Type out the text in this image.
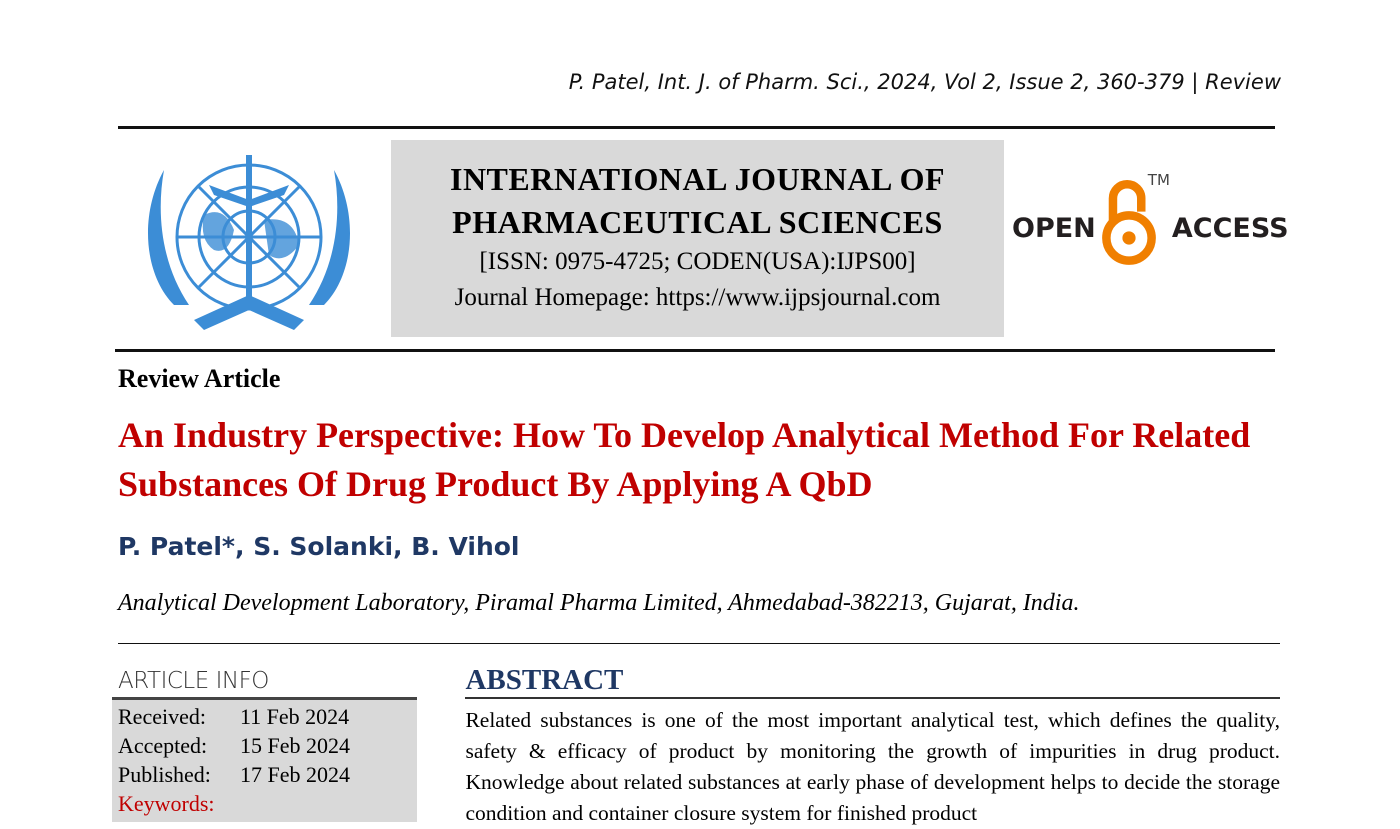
P. Patel, Int. J. of Pharm. Sci., 2024, Vol 2, Issue 2, 360-379 | Review
INTERNATIONAL JOURNAL OF
PHARMACEUTICAL SCIENCES
[ISSN: 0975-4725; CODEN(USA):IJPS00]
Journal Homepage: https://www.ijpsjournal.com
OPEN
TM
ACCESS
Review Article
An Industry Perspective: How To Develop Analytical Method For Related Substances Of Drug Product By Applying A QbD
P. Patel*, S. Solanki, B. Vihol
Analytical Development Laboratory, Piramal Pharma Limited, Ahmedabad-382213, Gujarat, India.
ARTICLE INFO
Received:	11 Feb 2024
Accepted:	15 Feb 2024
Published:	17 Feb 2024
Keywords:
ABSTRACT
Related substances is one of the most important analytical test, which defines the quality, safety & efficacy of product by monitoring the growth of impurities in drug product. Knowledge about related substances at early phase of development helps to decide the storage condition and container closure system for finished product
